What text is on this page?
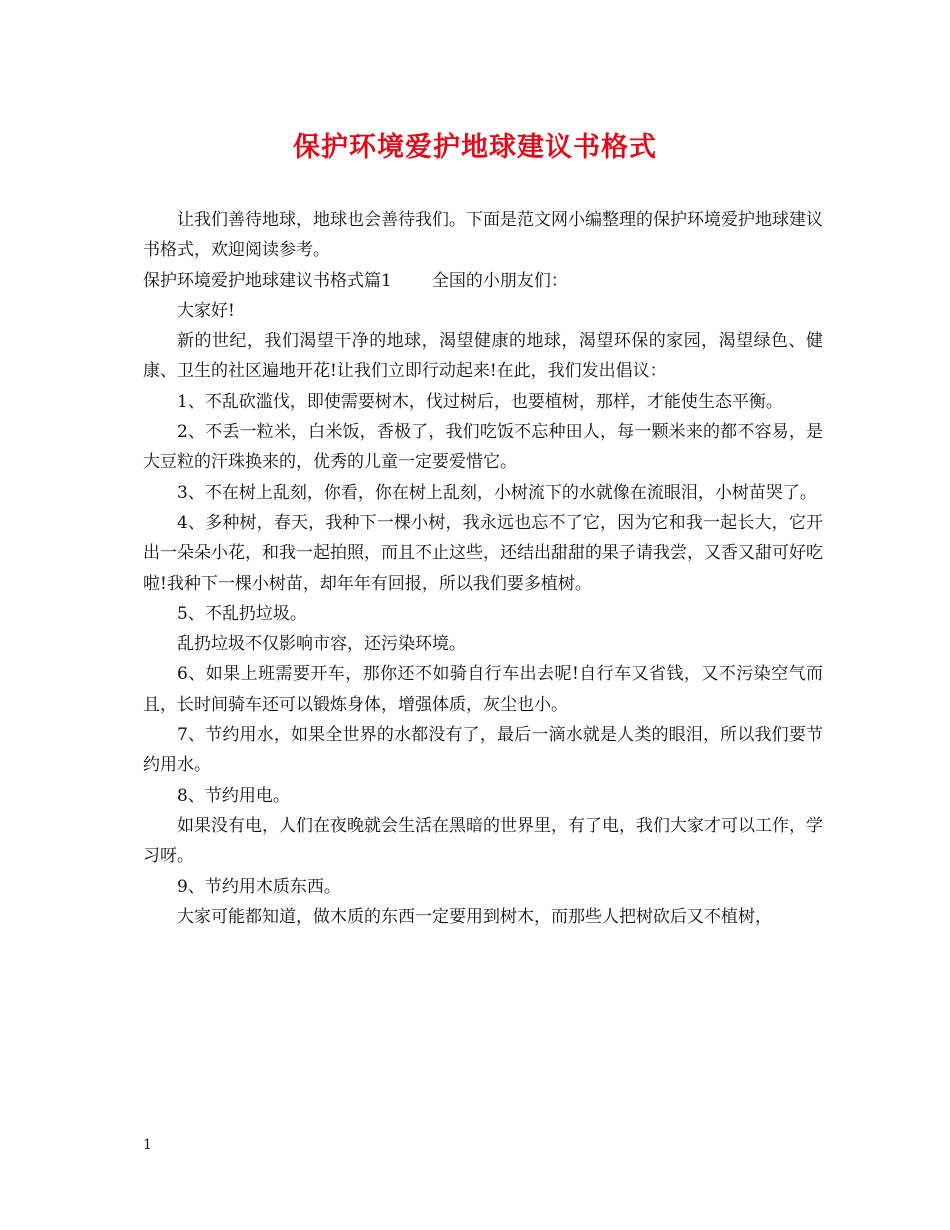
保护环境爱护地球建议书格式

让我们善待地球，地球也会善待我们。下面是范文网小编整理的保护环境爱护地球建议书格式，欢迎阅读参考。

保护环境爱护地球建议书格式篇1 全国的小朋友们：

大家好!

新的世纪，我们渴望干净的地球，渴望健康的地球，渴望环保的家园，渴望绿色、健康、卫生的社区遍地开花!让我们立即行动起来!在此，我们发出倡议：

1、不乱砍滥伐，即使需要树木，伐过树后，也要植树，那样，才能使生态平衡。

2、不丢一粒米，白米饭，香极了，我们吃饭不忘种田人，每一颗米来的都不容易，是大豆粒的汗珠换来的，优秀的儿童一定要爱惜它。

3、不在树上乱刻，你看，你在树上乱刻，小树流下的水就像在流眼泪，小树苗哭了。

4、多种树，春天，我种下一棵小树，我永远也忘不了它，因为它和我一起长大，它开出一朵朵小花，和我一起拍照，而且不止这些，还结出甜甜的果子请我尝，又香又甜可好吃啦!我种下一棵小树苗，却年年有回报，所以我们要多植树。

5、不乱扔垃圾。

乱扔垃圾不仅影响市容，还污染环境。

6、如果上班需要开车，那你还不如骑自行车出去呢!自行车又省钱，又不污染空气而且，长时间骑车还可以锻炼身体，增强体质，灰尘也小。

7、节约用水，如果全世界的水都没有了，最后一滴水就是人类的眼泪，所以我们要节约用水。

8、节约用电。

如果没有电，人们在夜晚就会生活在黑暗的世界里，有了电，我们大家才可以工作，学习呀。

9、节约用木质东西。

大家可能都知道，做木质的东西一定要用到树木，而那些人把树砍后又不植树，

1
